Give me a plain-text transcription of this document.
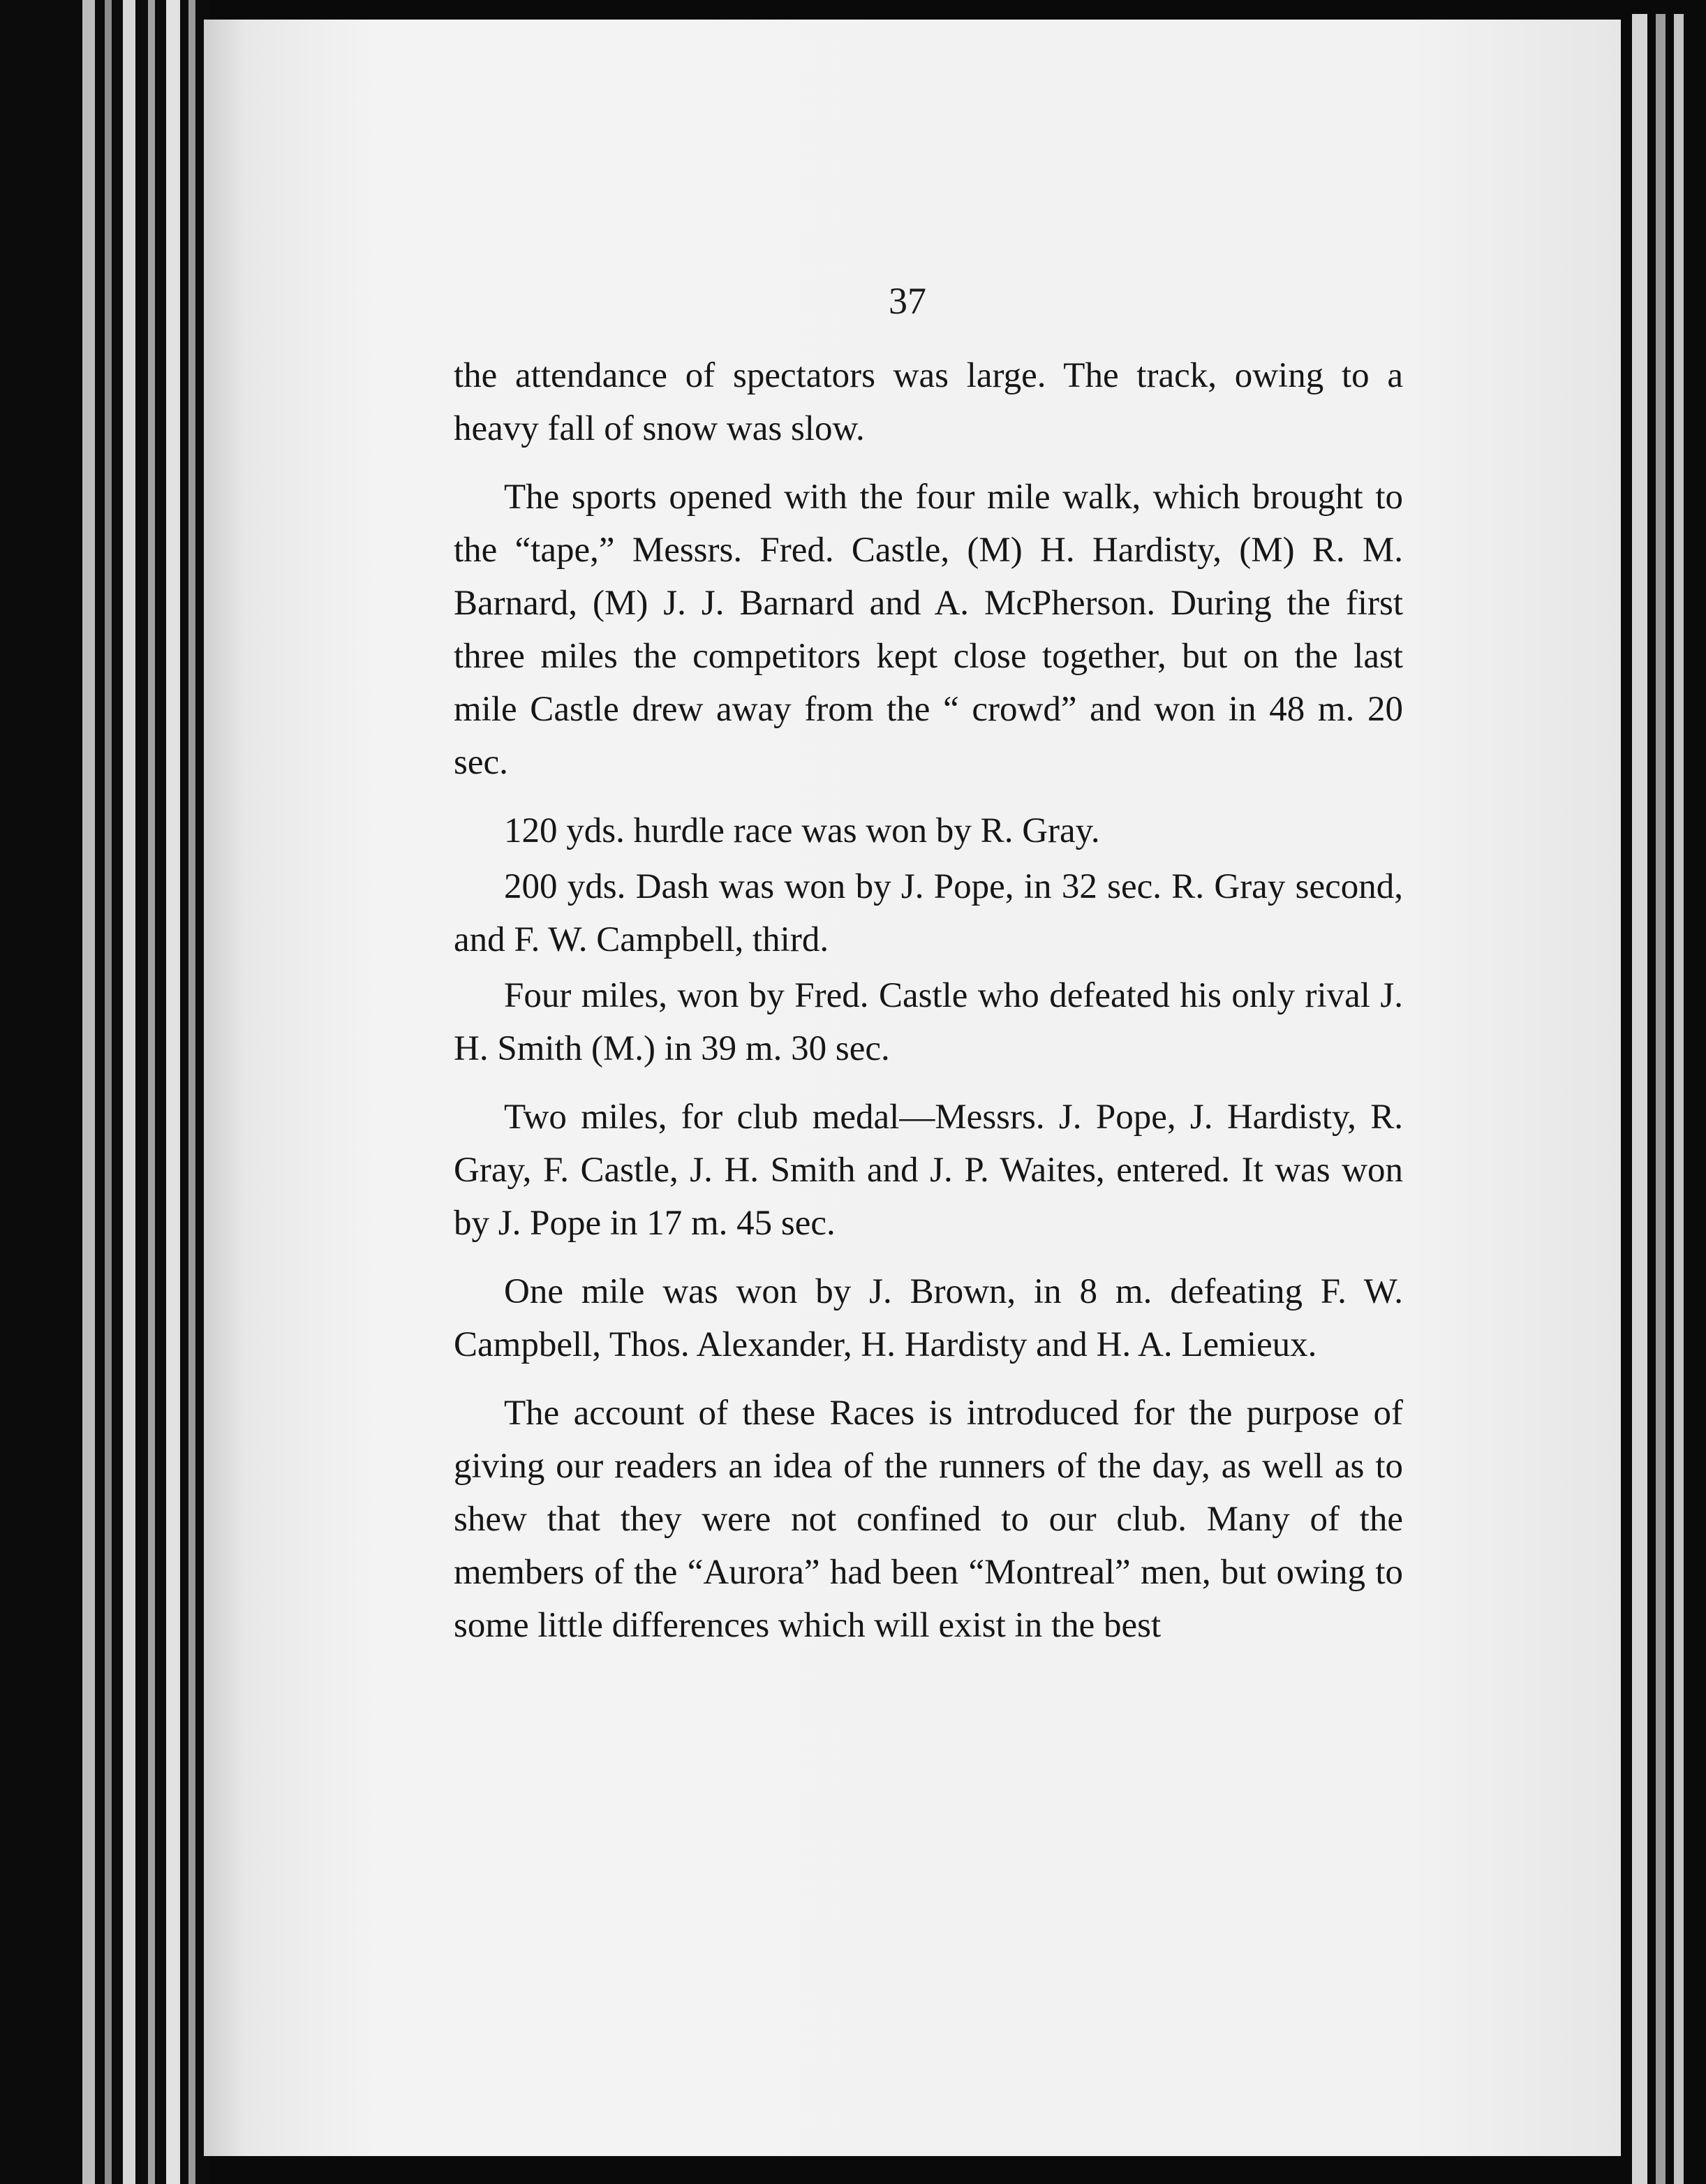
37

the attendance of spectators was large. The track, owing to a heavy fall of snow was slow.

The sports opened with the four mile walk, which brought to the “tape,” Messrs. Fred. Castle, (M) H. Hardisty, (M) R. M. Barnard, (M) J. J. Barnard and A. McPherson. During the first three miles the competitors kept close together, but on the last mile Castle drew away from the “ crowd” and won in 48 m. 20 sec.

120 yds. hurdle race was won by R. Gray.

200 yds. Dash was won by J. Pope, in 32 sec. R. Gray second, and F. W. Campbell, third.

Four miles, won by Fred. Castle who defeated his only rival J. H. Smith (M.) in 39 m. 30 sec.

Two miles, for club medal—Messrs. J. Pope, J. Hardisty, R. Gray, F. Castle, J. H. Smith and J. P. Waites, entered. It was won by J. Pope in 17 m. 45 sec.

One mile was won by J. Brown, in 8 m. defeating F. W. Campbell, Thos. Alexander, H. Hardisty and H. A. Lemieux.

The account of these Races is introduced for the purpose of giving our readers an idea of the runners of the day, as well as to shew that they were not confined to our club. Many of the members of the “Aurora” had been “Montreal” men, but owing to some little differences which will exist in the best
